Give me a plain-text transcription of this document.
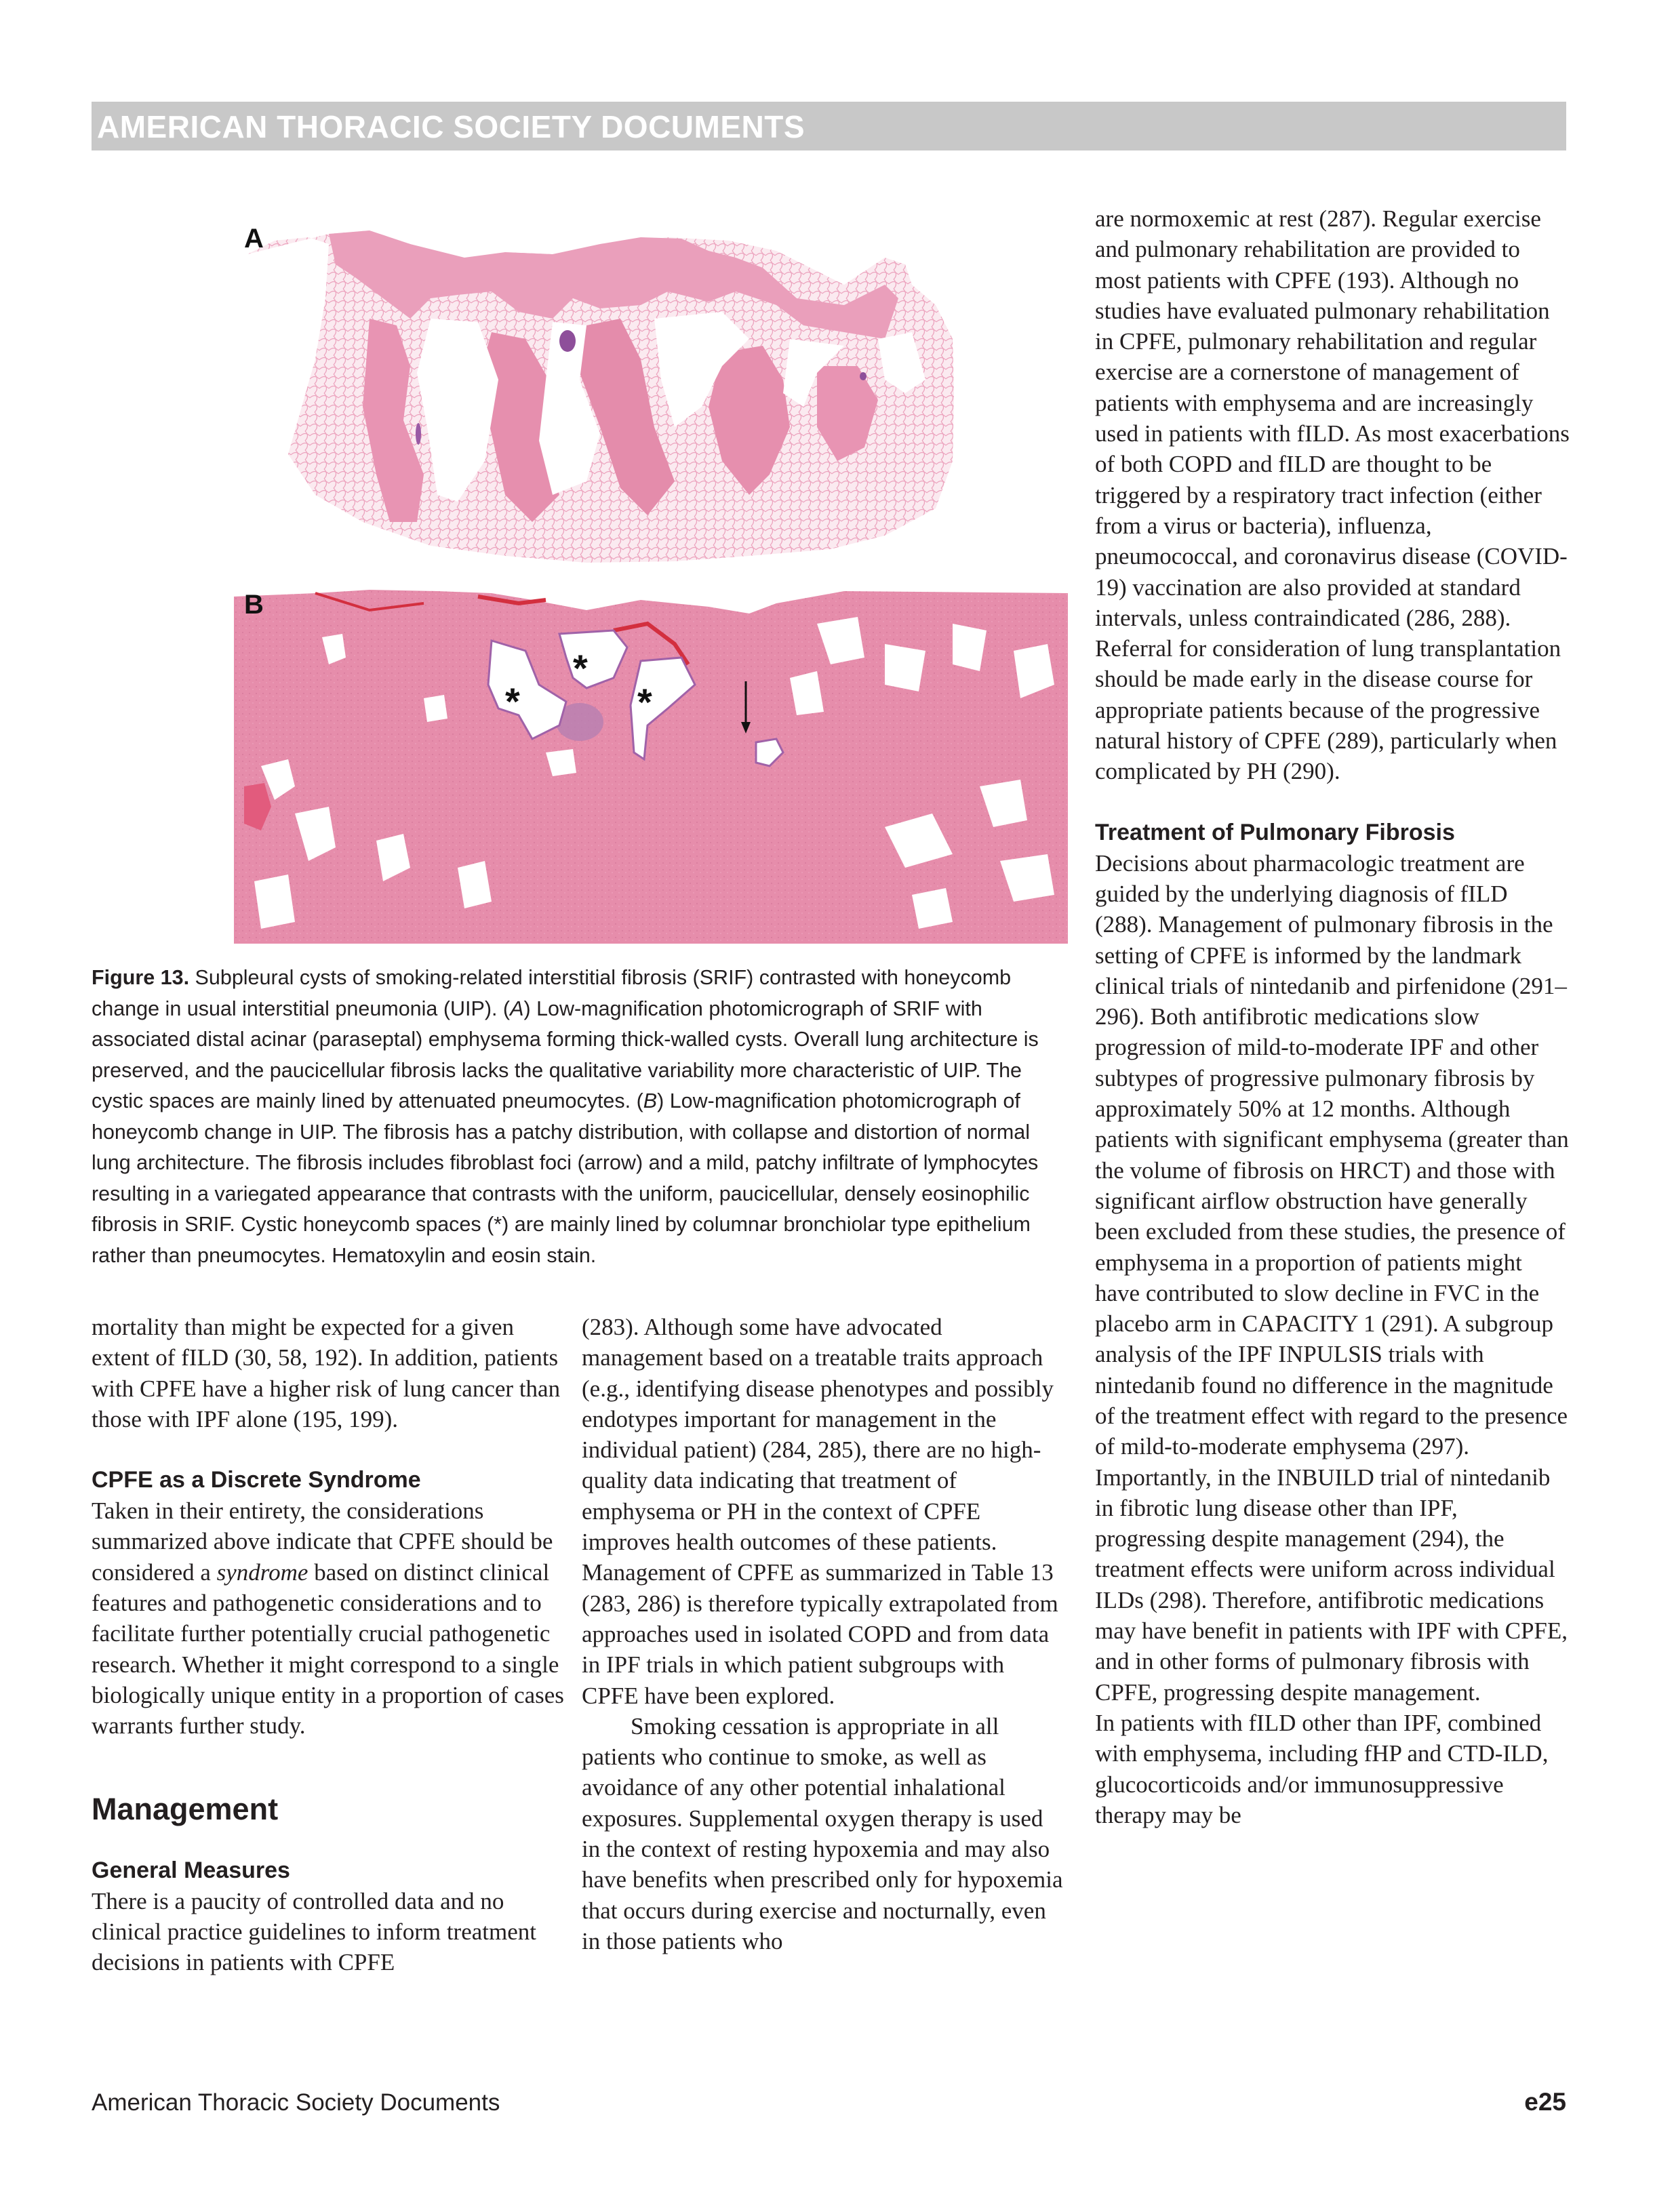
AMERICAN THORACIC SOCIETY DOCUMENTS
A
B
*
*
*
Figure 13. Subpleural cysts of smoking-related interstitial fibrosis (SRIF) contrasted with honeycomb change in usual interstitial pneumonia (UIP). (A) Low-magnification photomicrograph of SRIF with associated distal acinar (paraseptal) emphysema forming thick-walled cysts. Overall lung architecture is preserved, and the paucicellular fibrosis lacks the qualitative variability more characteristic of UIP. The cystic spaces are mainly lined by attenuated pneumocytes. (B) Low-magnification photomicrograph of honeycomb change in UIP. The fibrosis has a patchy distribution, with collapse and distortion of normal lung architecture. The fibrosis includes fibroblast foci (arrow) and a mild, patchy infiltrate of lymphocytes resulting in a variegated appearance that contrasts with the uniform, paucicellular, densely eosinophilic fibrosis in SRIF. Cystic honeycomb spaces (*) are mainly lined by columnar bronchiolar type epithelium rather than pneumocytes. Hematoxylin and eosin stain.

mortality than might be expected for a given extent of fILD (30, 58, 192). In addition, patients with CPFE have a higher risk of lung cancer than those with IPF alone (195, 199).

CPFE as a Discrete Syndrome

Taken in their entirety, the considerations summarized above indicate that CPFE should be considered a syndrome based on distinct clinical features and pathogenetic considerations and to facilitate further potentially crucial pathogenetic research. Whether it might correspond to a single biologically unique entity in a proportion of cases warrants further study.

Management
General Measures

There is a paucity of controlled data and no clinical practice guidelines to inform treatment decisions in patients with CPFE

(283). Although some have advocated management based on a treatable traits approach (e.g., identifying disease phenotypes and possibly endotypes important for management in the individual patient) (284, 285), there are no high-quality data indicating that treatment of emphysema or PH in the context of CPFE improves health outcomes of these patients. Management of CPFE as summarized in Table 13 (283, 286) is therefore typically extrapolated from approaches used in isolated COPD and from data in IPF trials in which patient subgroups with CPFE have been explored.

Smoking cessation is appropriate in all patients who continue to smoke, as well as avoidance of any other potential inhalational exposures. Supplemental oxygen therapy is used in the context of resting hypoxemia and may also have benefits when prescribed only for hypoxemia that occurs during exercise and nocturnally, even in those patients who

are normoxemic at rest (287). Regular exercise and pulmonary rehabilitation are provided to most patients with CPFE (193). Although no studies have evaluated pulmonary rehabilitation in CPFE, pulmonary rehabilitation and regular exercise are a cornerstone of management of patients with emphysema and are increasingly used in patients with fILD. As most exacerbations of both COPD and fILD are thought to be triggered by a respiratory tract infection (either from a virus or bacteria), influenza, pneumococcal, and coronavirus disease (COVID-19) vaccination are also provided at standard intervals, unless contraindicated (286, 288). Referral for consideration of lung transplantation should be made early in the disease course for appropriate patients because of the progressive natural history of CPFE (289), particularly when complicated by PH (290).

Treatment of Pulmonary Fibrosis

Decisions about pharmacologic treatment are guided by the underlying diagnosis of fILD (288). Management of pulmonary fibrosis in the setting of CPFE is informed by the landmark clinical trials of nintedanib and pirfenidone (291–296). Both antifibrotic medications slow progression of mild-to-moderate IPF and other subtypes of progressive pulmonary fibrosis by approximately 50% at 12 months. Although patients with significant emphysema (greater than the volume of fibrosis on HRCT) and those with significant airflow obstruction have generally been excluded from these studies, the presence of emphysema in a proportion of patients might have contributed to slow decline in FVC in the placebo arm in CAPACITY 1 (291). A subgroup analysis of the IPF INPULSIS trials with nintedanib found no difference in the magnitude of the treatment effect with regard to the presence of mild-to-moderate emphysema (297). Importantly, in the INBUILD trial of nintedanib in fibrotic lung disease other than IPF, progressing despite management (294), the treatment effects were uniform across individual ILDs (298). Therefore, antifibrotic medications may have benefit in patients with IPF with CPFE, and in other forms of pulmonary fibrosis with CPFE, progressing despite management.

In patients with fILD other than IPF, combined with emphysema, including fHP and CTD-ILD, glucocorticoids and/or immunosuppressive therapy may be

American Thoracic Society Documents	e25
